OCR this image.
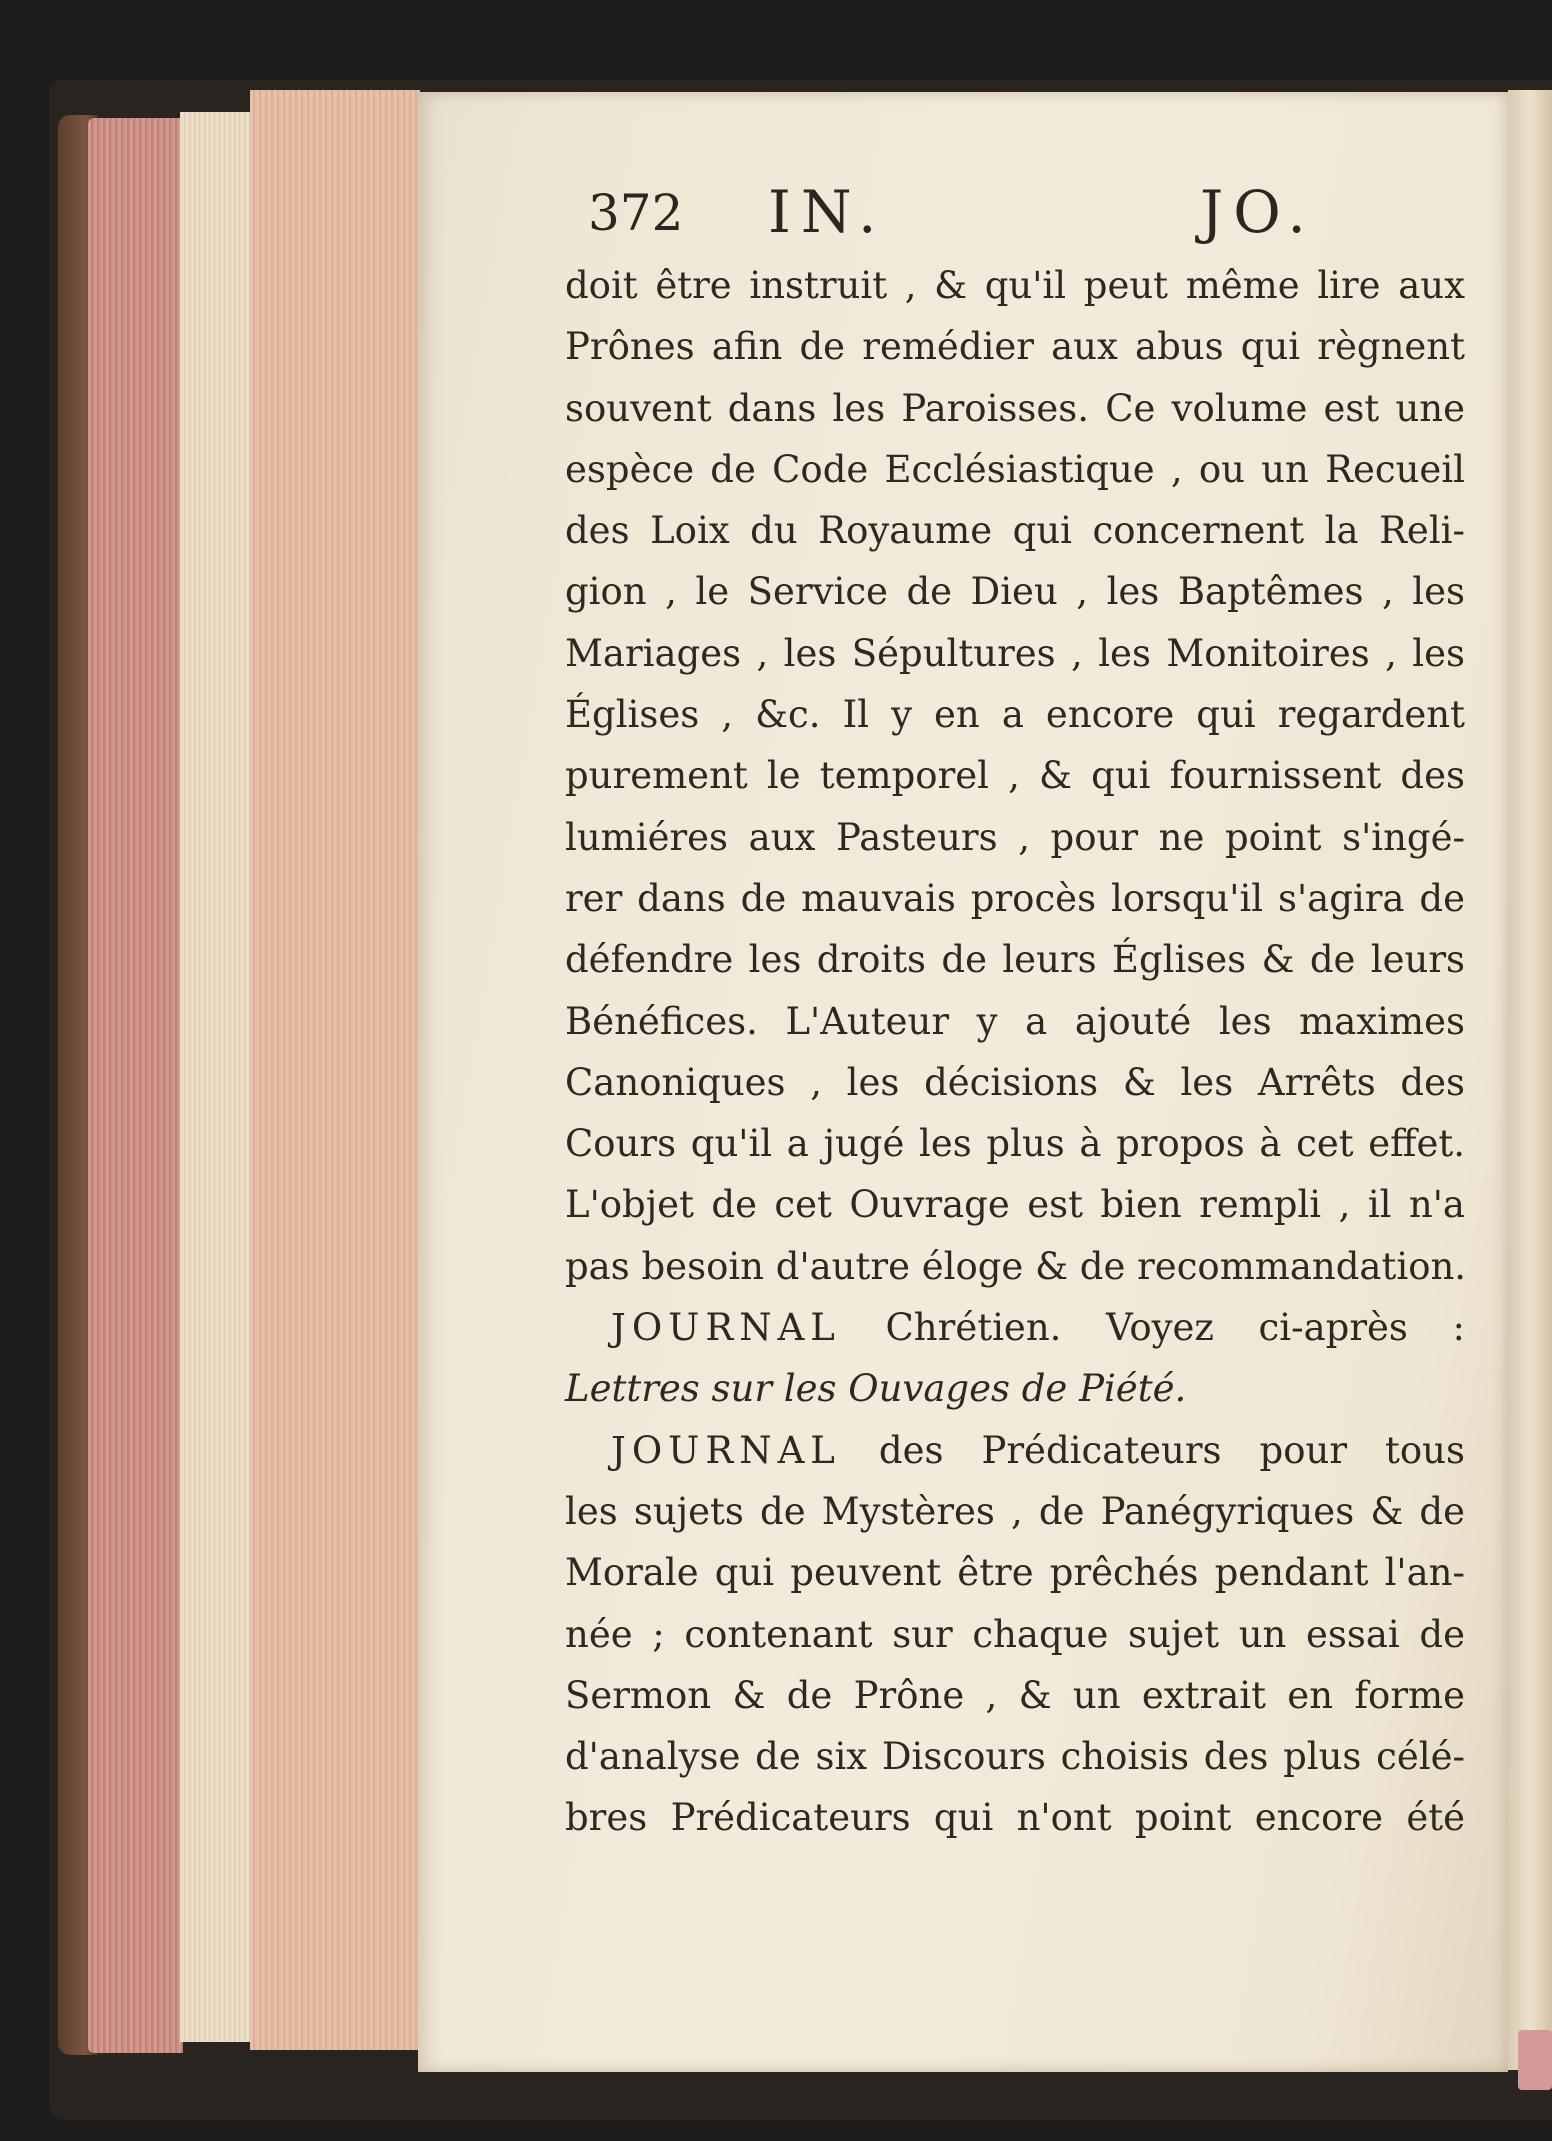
372 IN.	JO.
doit être instruit , & qu'il peut même lire aux
Prônes afin de remédier aux abus qui règnent
souvent dans les Paroisses. Ce volume est une
espèce de Code Ecclésiastique , ou un Recueil
des Loix du Royaume qui concernent la Reli-
gion , le Service de Dieu , les Baptêmes , les
Mariages , les Sépultures , les Monitoires , les
Églises , &c. Il y en a encore qui regardent
purement le temporel , & qui fournissent des
lumiéres aux Pasteurs , pour ne point s'ingé-
rer dans de mauvais procès lorsqu'il s'agira de
défendre les droits de leurs Églises & de leurs
Bénéfices. L'Auteur y a ajouté les maximes
Canoniques , les décisions & les Arrêts des
Cours qu'il a jugé les plus à propos à cet effet.
L'objet de cet Ouvrage est bien rempli , il n'a
pas besoin d'autre éloge & de recommandation.
JOURNAL Chrétien. Voyez ci-après :
Lettres sur les Ouvages de Piété.
JOURNAL des Prédicateurs pour tous
les sujets de Mystères , de Panégyriques & de
Morale qui peuvent être prêchés pendant l'an-
née ; contenant sur chaque sujet un essai de
Sermon & de Prône , & un extrait en forme
d'analyse de six Discours choisis des plus célé-
bres Prédicateurs qui n'ont point encore été
